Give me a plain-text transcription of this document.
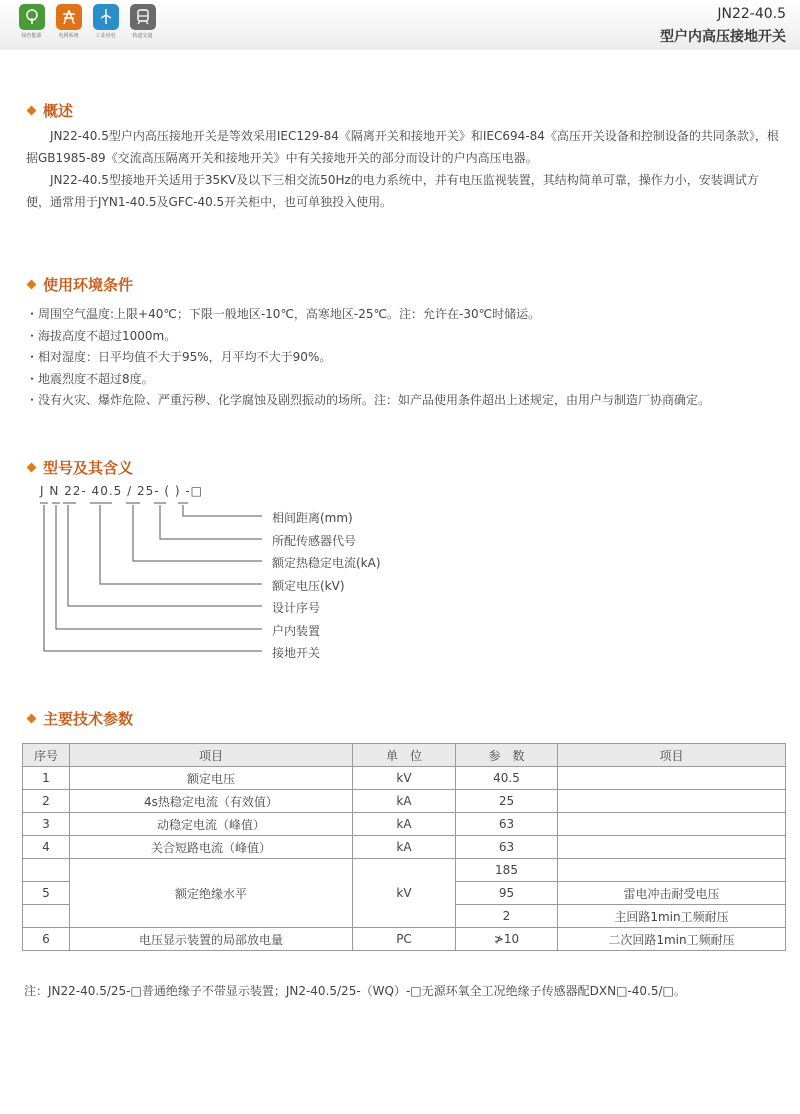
绿色能源	电网系统	工业用电	轨道交通
JN22-40.5
型户内高压接地开关
概述

JN22-40.5型户内高压接地开关是等效采用IEC129-84《隔离开关和接地开关》和IEC694-84《高压开关设备和控制设备的共同条款》，根据GB1985-89《交流高压隔离开关和接地开关》中有关接地开关的部分而设计的户内高压电器。

JN22-40.5型接地开关适用于35KV及以下三相交流50Hz的电力系统中，并有电压监视装置，其结构简单可靠，操作力小，安装调试方便，通常用于JYN1-40.5及GFC-40.5开关柜中，也可单独投入使用。

使用环境条件
・周围空气温度:上限+40℃；下限一般地区-10℃，高寒地区-25℃。注：允许在-30℃时储运。
・海拔高度不超过1000m。
・相对湿度：日平均值不大于95%，月平均不大于90%。
・地震烈度不超过8度。
・没有火灾、爆炸危险、严重污秽、化学腐蚀及剧烈振动的场所。注：如产品使用条件超出上述规定，由用户与制造厂协商确定。
型号及其含义
J N 22- 40.5 / 25- ( ) -□
相间距离(mm)
所配传感器代号
额定热稳定电流(kA)
额定电压(kV)
设计序号
户内装置
接地开关
主要技术参数
序号	项目	单　位	参　数	项目
1	额定电压	kV	40.5	
2	4s热稳定电流（有效值）	kA	25	
3	动稳定电流（峰值）	kA	63	
4	关合短路电流（峰值）	kA	63	
	额定绝缘水平	kV	185	
5			95	雷电冲击耐受电压
			2	主回路1min工频耐压
6	电压显示装置的局部放电量	PC	≯10	二次回路1min工频耐压
注：JN22-40.5/25-□普通绝缘子不带显示装置；JN2-40.5/25-（WQ）-□无源环氧全工况绝缘子传感器配DXN□-40.5/□。
